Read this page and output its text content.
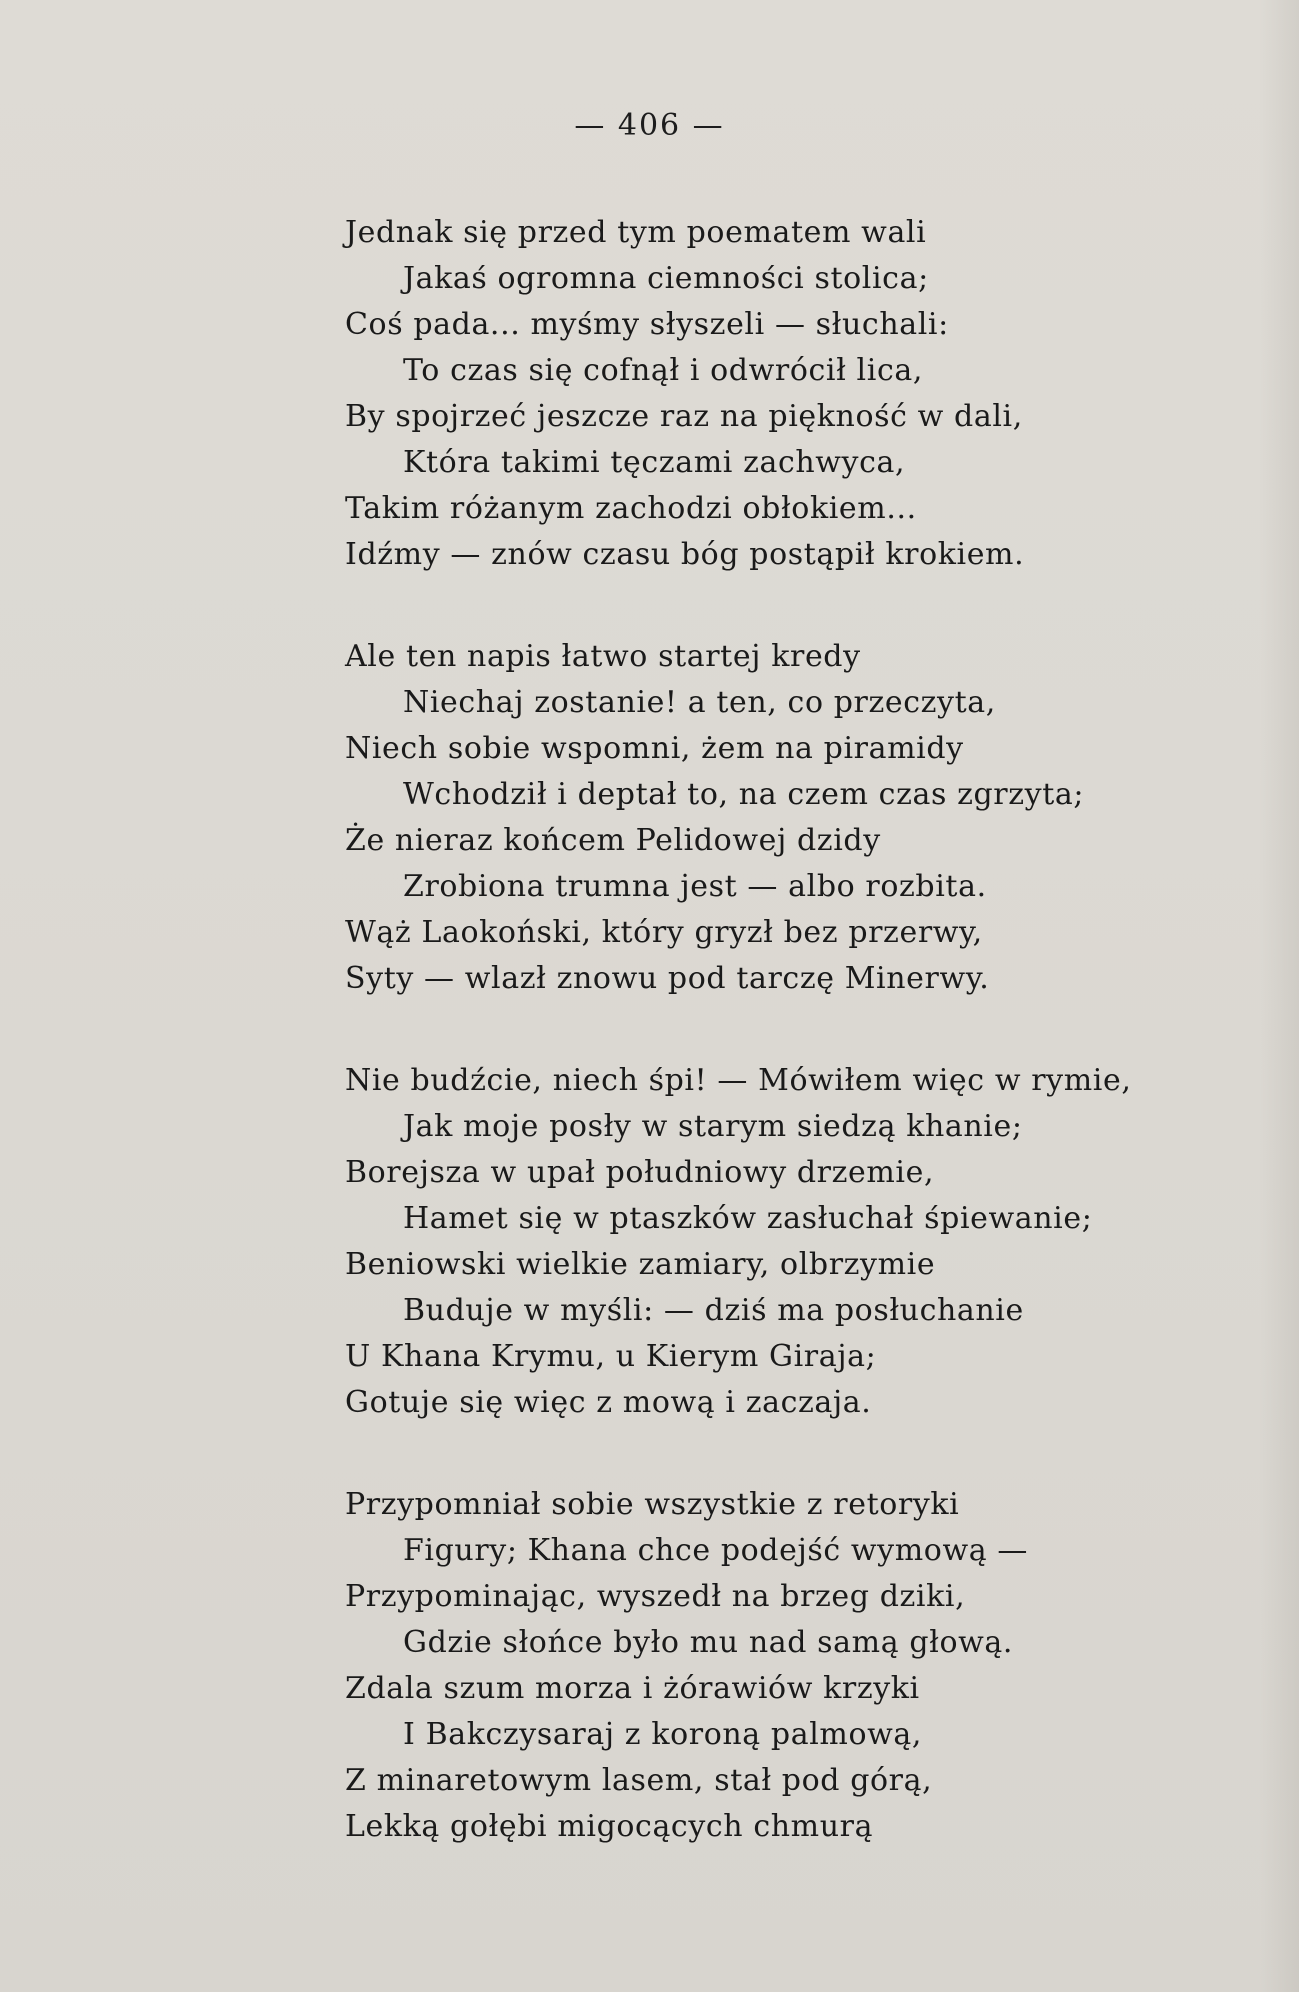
— 406 —
Jednak się przed tym poematem wali
Jakaś ogromna ciemności stolica;
Coś pada... myśmy słyszeli — słuchali:
To czas się cofnął i odwrócił lica,
By spojrzeć jeszcze raz na piękność w dali,
Która takimi tęczami zachwyca,
Takim różanym zachodzi obłokiem...
Idźmy — znów czasu bóg postąpił krokiem.
Ale ten napis łatwo startej kredy
Niechaj zostanie! a ten, co przeczyta,
Niech sobie wspomni, żem na piramidy
Wchodził i deptał to, na czem czas zgrzyta;
Że nieraz końcem Pelidowej dzidy
Zrobiona trumna jest — albo rozbita.
Wąż Laokoński, który gryzł bez przerwy,
Syty — wlazł znowu pod tarczę Minerwy.
Nie budźcie, niech śpi! — Mówiłem więc w rymie,
Jak moje posły w starym siedzą khanie;
Borejsza w upał południowy drzemie,
Hamet się w ptaszków zasłuchał śpiewanie;
Beniowski wielkie zamiary, olbrzymie
Buduje w myśli: — dziś ma posłuchanie
U Khana Krymu, u Kierym Giraja;
Gotuje się więc z mową i zaczaja.
Przypomniał sobie wszystkie z retoryki
Figury; Khana chce podejść wymową —
Przypominając, wyszedł na brzeg dziki,
Gdzie słońce było mu nad samą głową.
Zdala szum morza i żórawiów krzyki
I Bakczysaraj z koroną palmową,
Z minaretowym lasem, stał pod górą,
Lekką gołębi migocących chmurą
